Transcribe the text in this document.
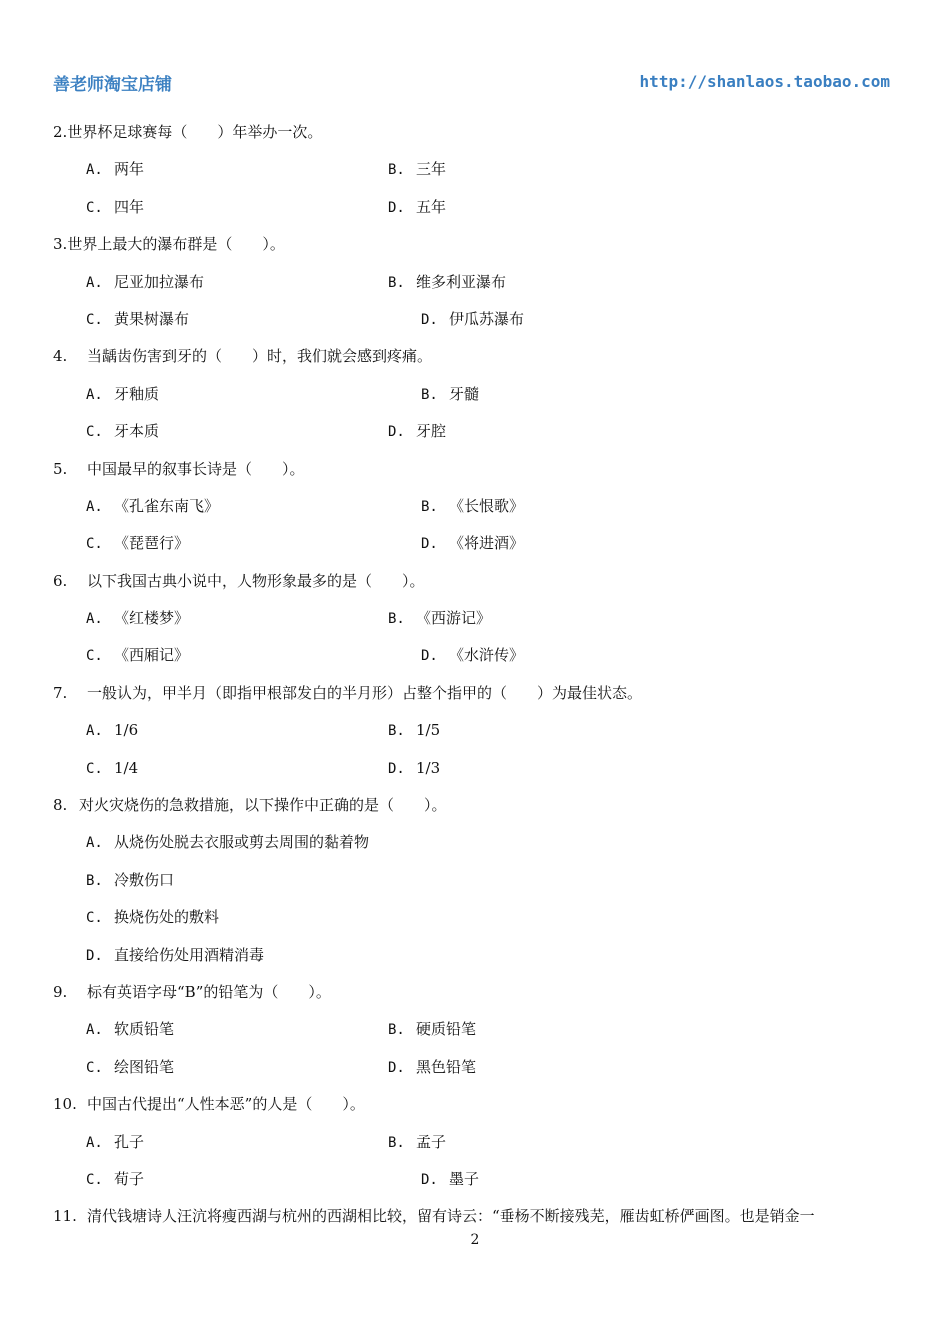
善老师淘宝店铺	http://shanlaos.taobao.com
2.世界杯足球赛每（　　）年举办一次。
A. 两年	B. 三年
C. 四年	D. 五年
3.世界上最大的瀑布群是（　　）。
A. 尼亚加拉瀑布	B. 维多利亚瀑布
C. 黄果树瀑布	D. 伊瓜苏瀑布
4. 当龋齿伤害到牙的（　　）时，我们就会感到疼痛。
A. 牙釉质	B. 牙髓
C. 牙本质	D. 牙腔
5. 中国最早的叙事长诗是（　　）。
A. 《孔雀东南飞》	B. 《长恨歌》
C. 《琵琶行》	D. 《将进酒》
6. 以下我国古典小说中，人物形象最多的是（　　）。
A. 《红楼梦》	B. 《西游记》
C. 《西厢记》	D. 《水浒传》
7. 一般认为，甲半月（即指甲根部发白的半月形）占整个指甲的（　　）为最佳状态。
A. 1/6	B. 1/5
C. 1/4	D. 1/3
8. 对火灾烧伤的急救措施，以下操作中正确的是（　　）。
A. 从烧伤处脱去衣服或剪去周围的黏着物
B. 冷敷伤口
C. 换烧伤处的敷料
D. 直接给伤处用酒精消毒
9. 标有英语字母“B”的铅笔为（　　）。
A. 软质铅笔	B. 硬质铅笔
C. 绘图铅笔	D. 黑色铅笔
10. 中国古代提出“人性本恶”的人是（　　）。
A. 孔子	B. 孟子
C. 荀子	D. 墨子
11. 清代钱塘诗人汪沆将瘦西湖与杭州的西湖相比较，留有诗云：“垂杨不断接残芜，雁齿虹桥俨画图。也是销金一
2
